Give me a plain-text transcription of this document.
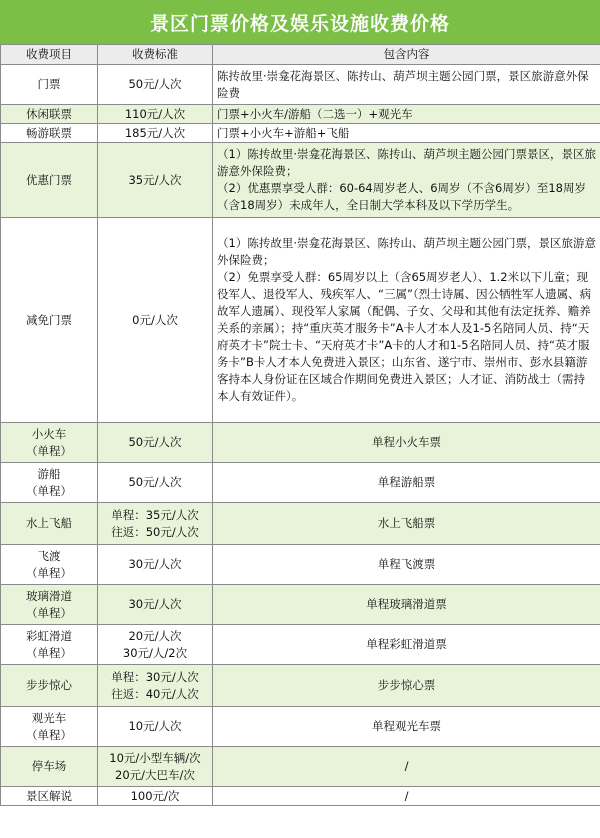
景区门票价格及娱乐设施收费价格
收费项目	收费标准	包含内容

门票	50元/人次	陈抟故里·崇龛花海景区、陈抟山、葫芦坝主题公园门票，景区旅游意外保险费

休闲联票	110元/人次	门票+小火车/游船（二选一）+观光车

畅游联票	185元/人次	门票+小火车+游船+飞船

优惠门票	35元/人次	（1）陈抟故里·崇龛花海景区、陈抟山、葫芦坝主题公园门票景区，景区旅游意外保险费；
（2）优惠票享受人群：60-64周岁老人、6周岁（不含6周岁）至18周岁（含18周岁）未成年人，全日制大学本科及以下学历学生。

减免门票	0元/人次	（1）陈抟故里·崇龛花海景区、陈抟山、葫芦坝主题公园门票，景区旅游意外保险费；
（2）免票享受人群：65周岁以上（含65周岁老人）、1.2米以下儿童；现役军人、退役军人、残疾军人、“三属”（烈士诗属、因公牺牲军人遗属、病故军人遗属）、现役军人家属（配偶、子女、父母和其他有法定抚养、赡养关系的亲属）；持“重庆英才服务卡”A卡人才本人及1-5名陪同人员、持“天府英才卡”院士卡、“天府英才卡”A卡的人才和1-5名陪同人员、持“英才服务卡”B卡人才本人免费进入景区；山东省、遂宁市、崇州市、彭水县籍游客持本人身份证在区域合作期间免费进入景区；人才证、消防战士（需持本人有效证件）。

小火车
（单程）	50元/人次	单程小火车票

游船
（单程）	50元/人次	单程游船票

水上飞船	单程：35元/人次
往返：50元/人次	水上飞船票

飞渡
（单程）	30元/人次	单程飞渡票

玻璃滑道
（单程）	30元/人次	单程玻璃滑道票

彩虹滑道
（单程）	20元/人次
30元/人/2次	单程彩虹滑道票

步步惊心	单程：30元/人次
往返：40元/人次	步步惊心票

观光车
（单程）	10元/人次	单程观光车票

停车场	10元/小型车辆/次
20元/大巴车/次	/

景区解说	100元/次	/
